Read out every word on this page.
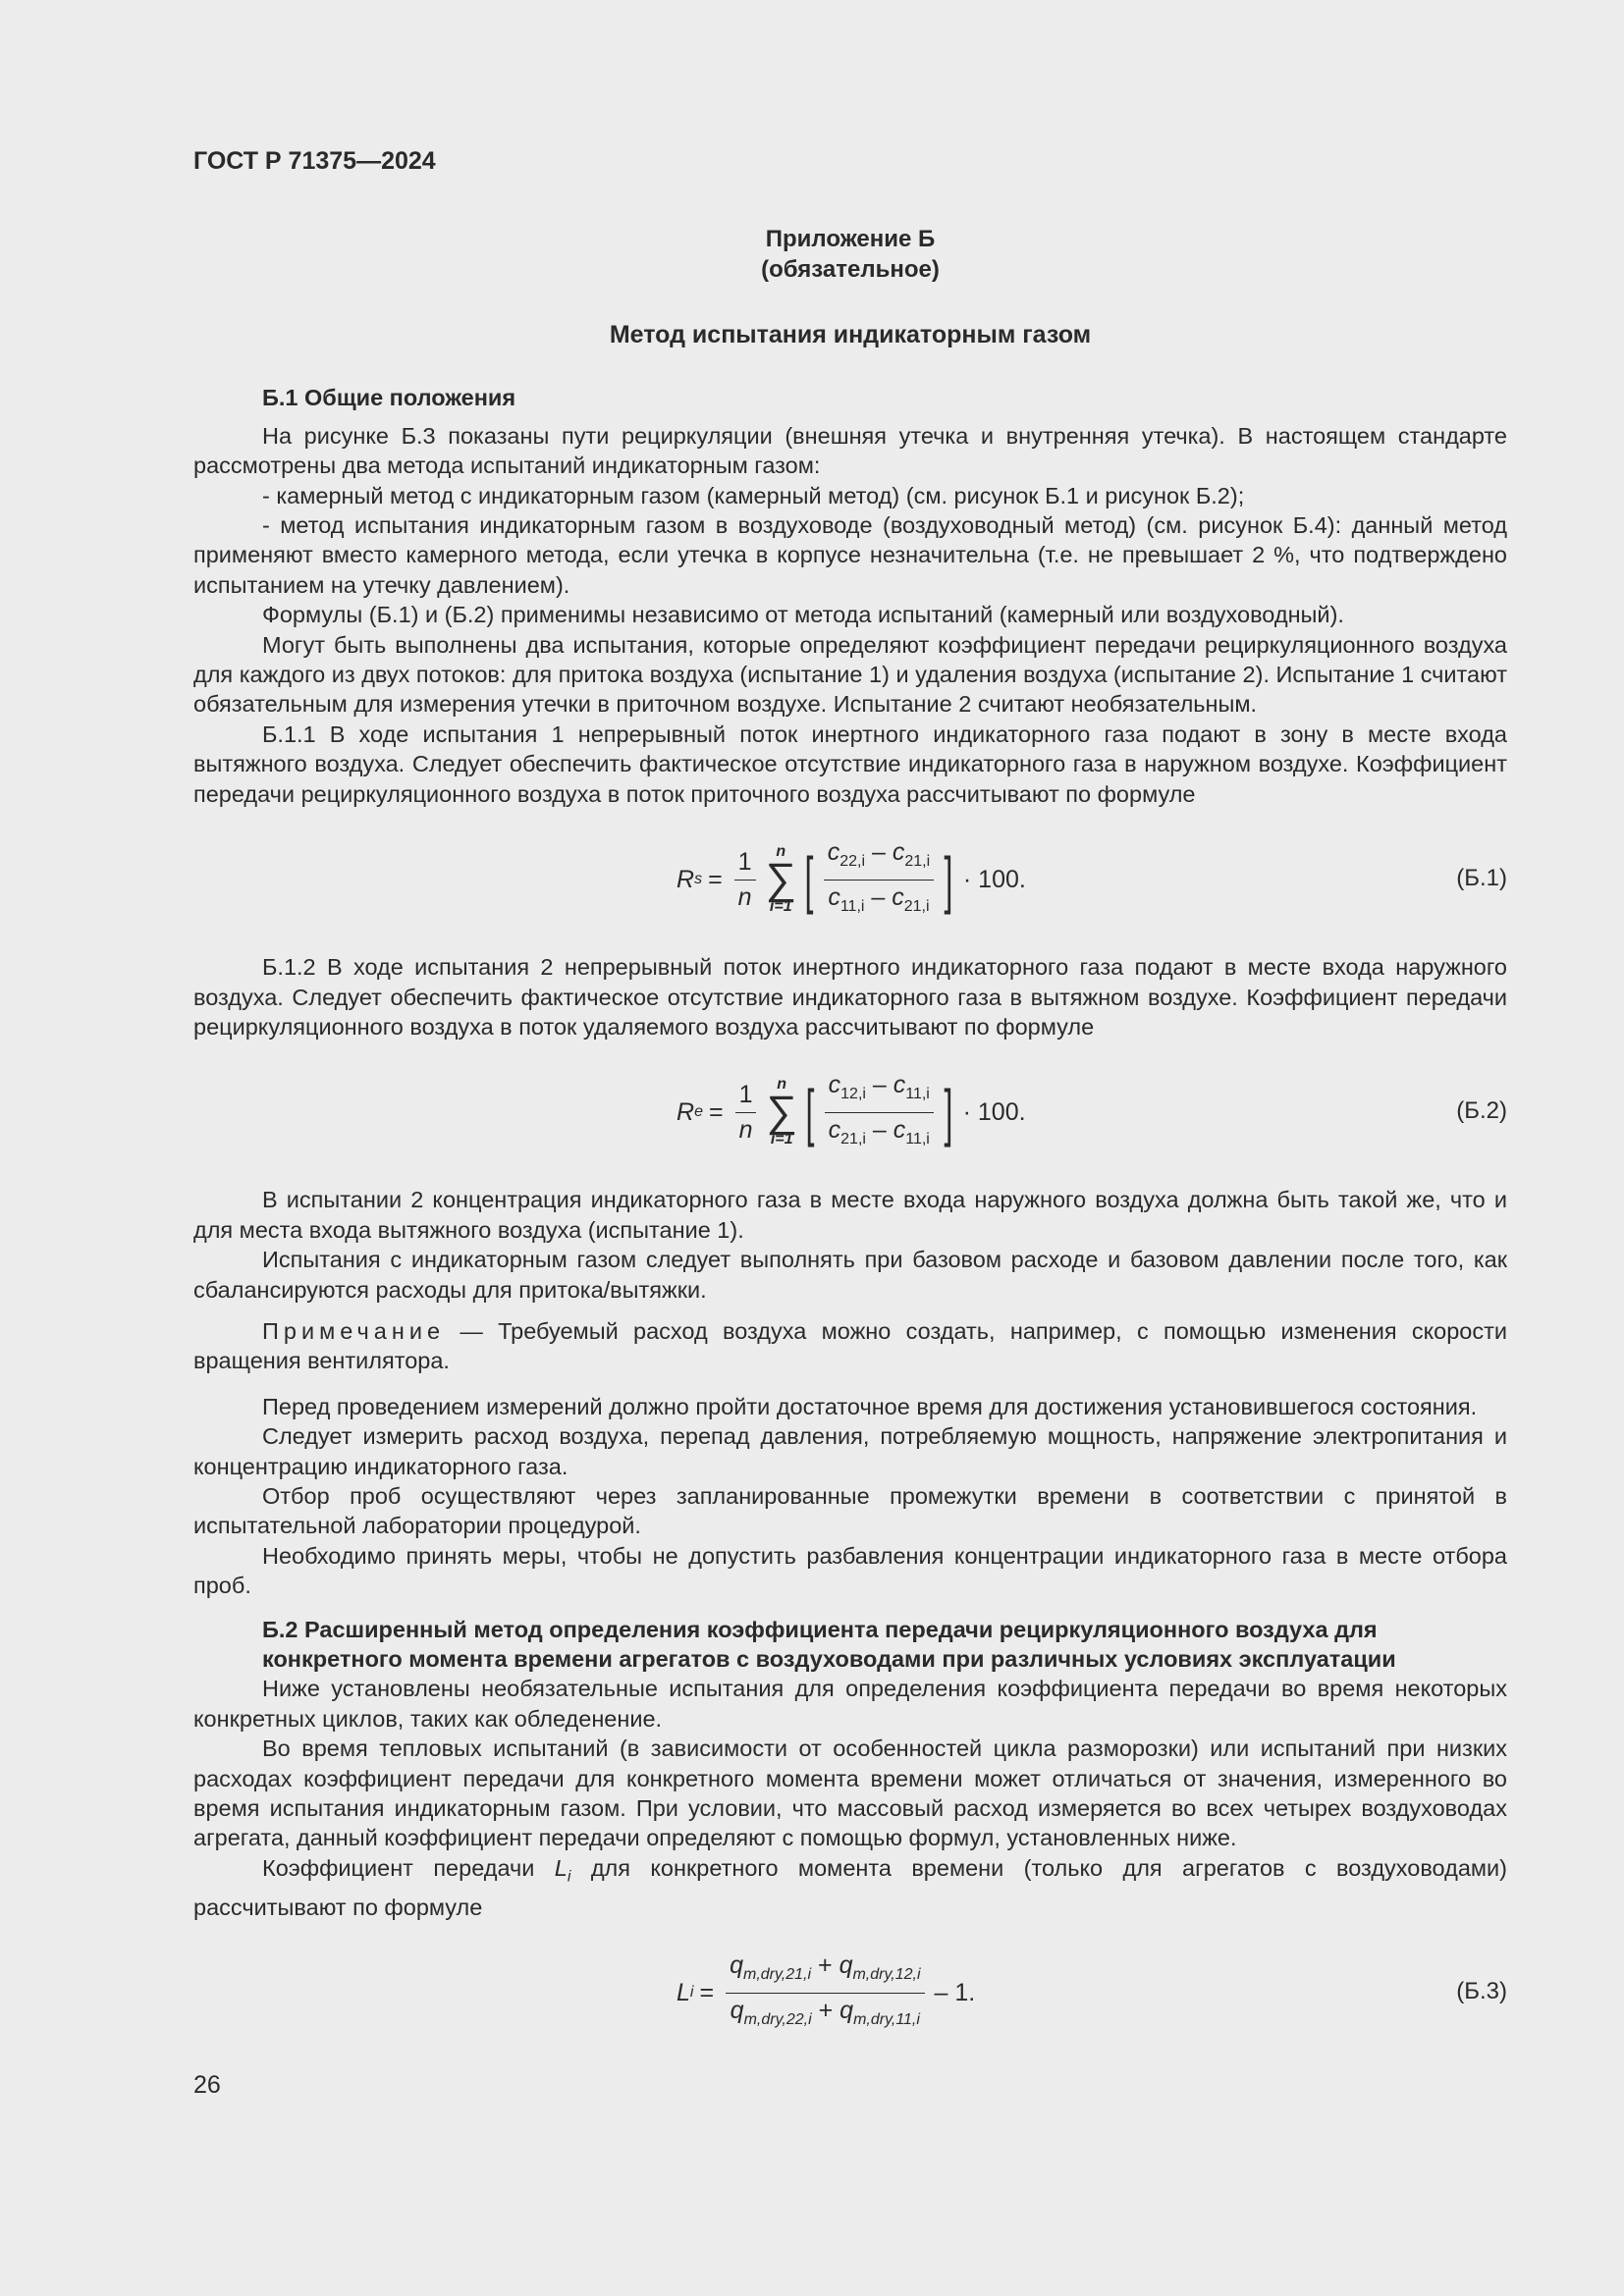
ГОСТ Р 71375—2024
Приложение Б
(обязательное)
Метод испытания индикаторным газом
Б.1 Общие положения

На рисунке Б.3 показаны пути рециркуляции (внешняя утечка и внутренняя утечка). В настоящем стандарте рассмотрены два метода испытаний индикаторным газом:

- камерный метод с индикаторным газом (камерный метод) (см. рисунок Б.1 и рисунок Б.2);

- метод испытания индикаторным газом в воздуховоде (воздуховодный метод) (см. рисунок Б.4): данный метод применяют вместо камерного метода, если утечка в корпусе незначительна (т.е. не превышает 2 %, что подтверждено испытанием на утечку давлением).

Формулы (Б.1) и (Б.2) применимы независимо от метода испытаний (камерный или воздуховодный).

Могут быть выполнены два испытания, которые определяют коэффициент передачи рециркуляционного воздуха для каждого из двух потоков: для притока воздуха (испытание 1) и удаления воздуха (испытание 2). Испытание 1 считают обязательным для измерения утечки в приточном воздухе. Испытание 2 считают необязательным.

Б.1.1 В ходе испытания 1 непрерывный поток инертного индикаторного газа подают в зону в месте входа вытяжного воздуха. Следует обеспечить фактическое отсутствие индикаторного газа в наружном воздухе. Коэффициент передачи рециркуляционного воздуха в поток приточного воздуха рассчитывают по формуле

R $s = \frac{1}{n}$ n
∑
i=1 [ $\frac{c_{22,i} - c_{21,i}}{c_{11,i} - c_{21,i}}$ ] · 100.	(Б.1)

Б.1.2 В ходе испытания 2 непрерывный поток инертного индикаторного газа подают в месте входа наружного воздуха. Следует обеспечить фактическое отсутствие индикаторного газа в вытяжном воздухе. Коэффициент передачи рециркуляционного воздуха в поток удаляемого воздуха рассчитывают по формуле

R $e = \frac{1}{n}$ n
∑
i=1 [ $\frac{c_{12,i} - c_{11,i}}{c_{21,i} - c_{11,i}}$ ] · 100.	(Б.2)

В испытании 2 концентрация индикаторного газа в месте входа наружного воздуха должна быть такой же, что и для места входа вытяжного воздуха (испытание 1).

Испытания с индикаторным газом следует выполнять при базовом расходе и базовом давлении после того, как сбалансируются расходы для притока/вытяжки.

Примечание — Требуемый расход воздуха можно создать, например, с помощью изменения скорости вращения вентилятора.

Перед проведением измерений должно пройти достаточное время для достижения установившегося состояния.

Следует измерить расход воздуха, перепад давления, потребляемую мощность, напряжение электропитания и концентрацию индикаторного газа.

Отбор проб осуществляют через запланированные промежутки времени в соответствии с принятой в испытательной лаборатории процедурой.

Необходимо принять меры, чтобы не допустить разбавления концентрации индикаторного газа в месте отбора проб.

Б.2 Расширенный метод определения коэффициента передачи рециркуляционного воздуха для конкретного момента времени агрегатов с воздуховодами при различных условиях эксплуатации

Ниже установлены необязательные испытания для определения коэффициента передачи во время некоторых конкретных циклов, таких как обледенение.

Во время тепловых испытаний (в зависимости от особенностей цикла разморозки) или испытаний при низких расходах коэффициент передачи для конкретного момента времени может отличаться от значения, измеренного во время испытания индикаторным газом. При условии, что массовый расход измеряется во всех четырех воздуховодах агрегата, данный коэффициент передачи определяют с помощью формул, установленных ниже.

Коэффициент передачи $L_i$ для конкретного момента времени (только для агрегатов с воздуховодами) рассчитывают по формуле

L $i = \frac{q_{m,dry,21,i} + q_{m,dry,12,i}}{q_{m,dry,22,i} + q_{m,dry,11,i}} - 1$.	(Б.3)
26
